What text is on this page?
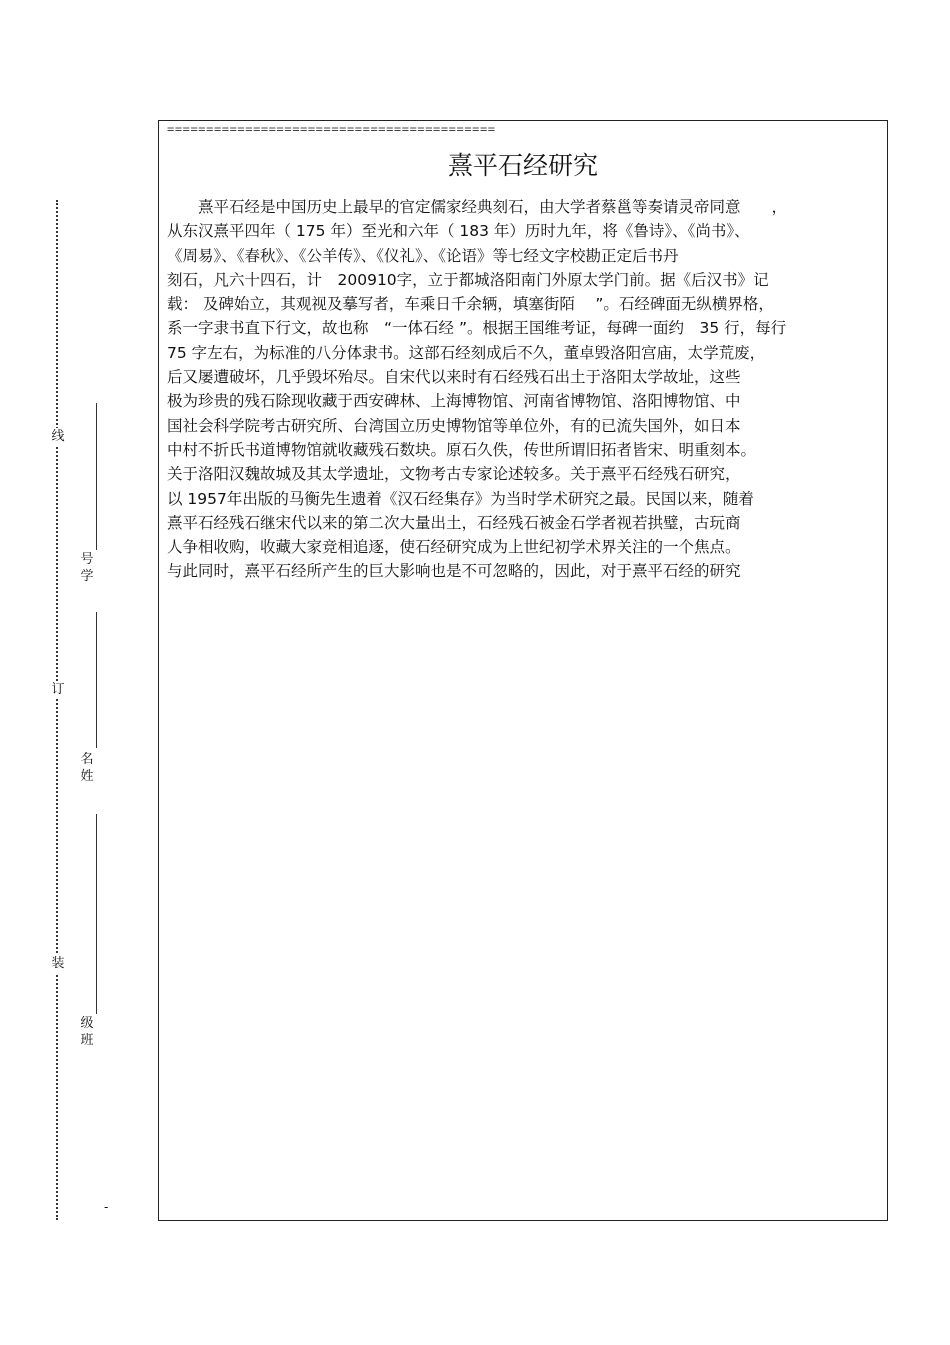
线
订
装
号
学
名
姓
级
班
-
==========================================
熹平石经研究
　　熹平石经是中国历史上最早的官定儒家经典刻石，由大学者蔡邕等奏请灵帝同意　　，
从东汉熹平四年（ 175 年）至光和六年（ 183 年）历时九年，将《鲁诗》、《尚书》、
《周易》、《春秋》、《公羊传》、《仪礼》、《论语》等七经文字校勘正定后书丹
刻石，凡六十四石，计　200910字，立于都城洛阳南门外原太学门前。据《后汉书》记
载： 及碑始立，其观视及摹写者，车乘日千余辆，填塞街陌　 ”。石经碑面无纵横界格，
系一字隶书直下行文，故也称　“一体石经 ”。根据王国维考证，每碑一面约　35 行，每行
75 字左右，为标准的八分体隶书。这部石经刻成后不久，董卓毁洛阳宫庙，太学荒废，
后又屡遭破坏，几乎毁坏殆尽。自宋代以来时有石经残石出土于洛阳太学故址，这些
极为珍贵的残石除现收藏于西安碑林、上海博物馆、河南省博物馆、洛阳博物馆、中
国社会科学院考古研究所、台湾国立历史博物馆等单位外，有的已流失国外，如日本
中村不折氏书道博物馆就收藏残石数块。原石久佚，传世所谓旧拓者皆宋、明重刻本。
关于洛阳汉魏故城及其太学遗址，文物考古专家论述较多。关于熹平石经残石研究，
以 1957年出版的马衡先生遗着《汉石经集存》为当时学术研究之最。民国以来，随着
熹平石经残石继宋代以来的第二次大量出土，石经残石被金石学者视若拱璧，古玩商
人争相收购，收藏大家竞相追逐，使石经研究成为上世纪初学术界关注的一个焦点。
与此同时，熹平石经所产生的巨大影响也是不可忽略的，因此，对于熹平石经的研究
